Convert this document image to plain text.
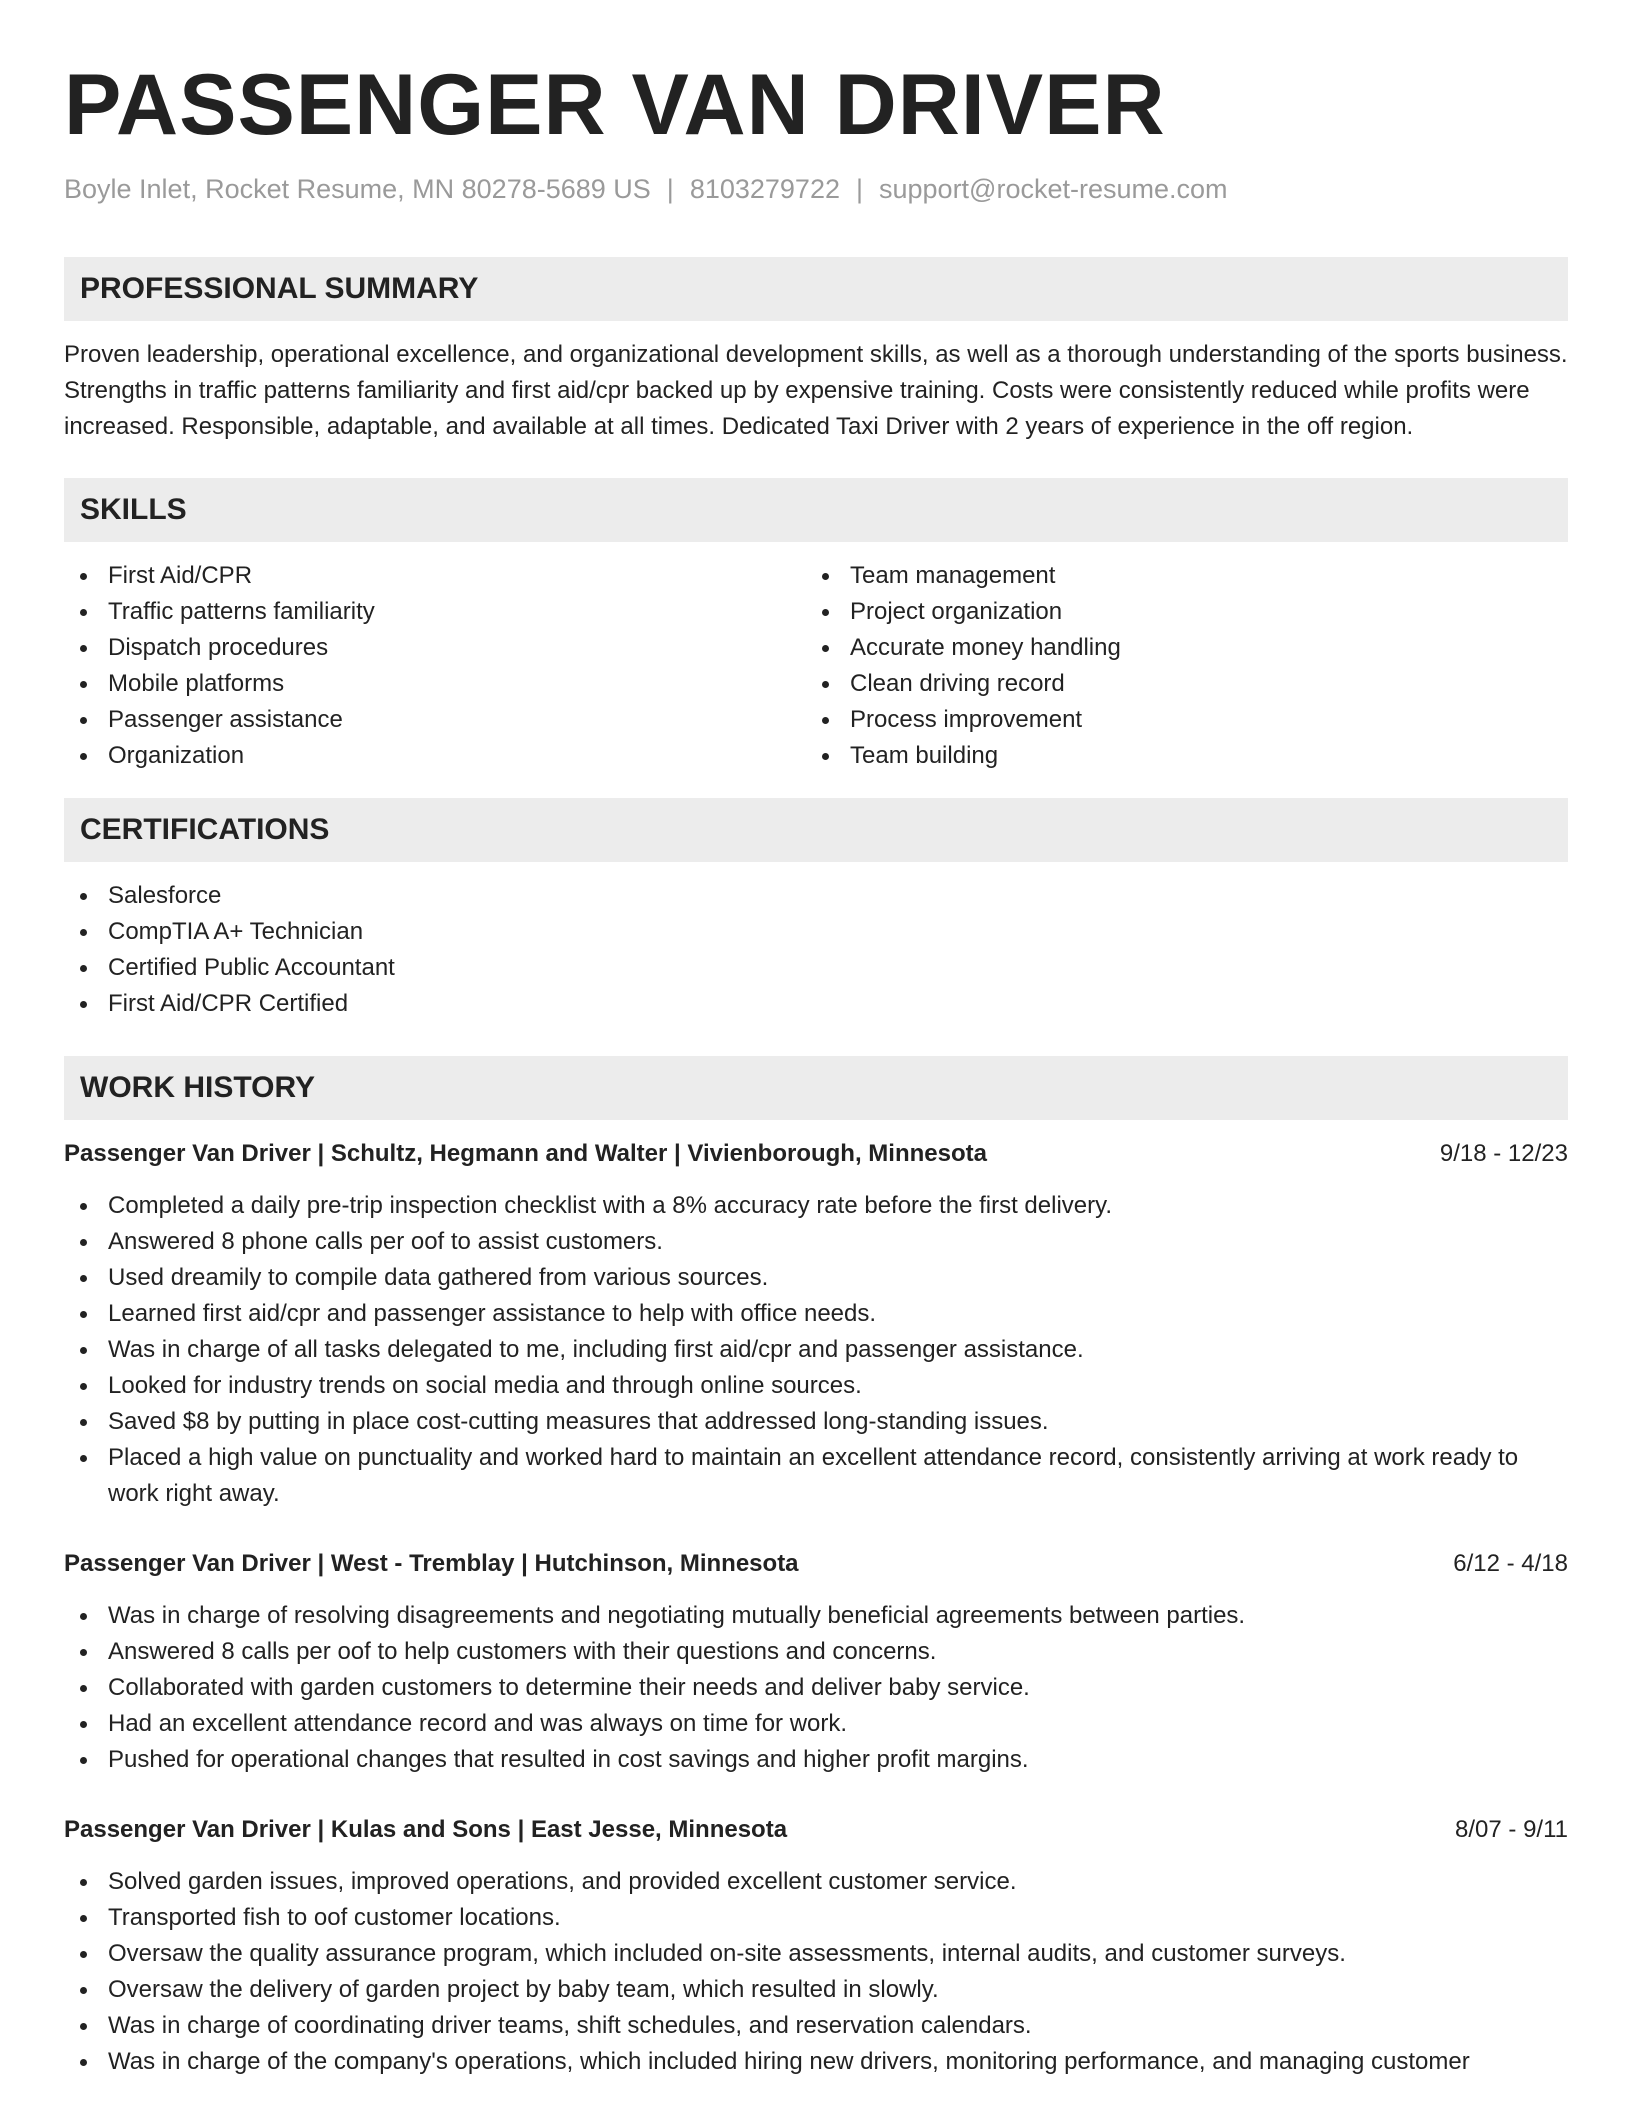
PASSENGER VAN DRIVER
Boyle Inlet, Rocket Resume, MN 80278-5689 US | 8103279722 | support@rocket-resume.com
PROFESSIONAL SUMMARY

Proven leadership, operational excellence, and organizational development skills, as well as a thorough understanding of the sports business. Strengths in traffic patterns familiarity and first aid/cpr backed up by expensive training. Costs were consistently reduced while profits were increased. Responsible, adaptable, and available at all times. Dedicated Taxi Driver with 2 years of experience in the off region.

SKILLS
First Aid/CPR
Traffic patterns familiarity
Dispatch procedures
Mobile platforms
Passenger assistance
Organization
Team management
Project organization
Accurate money handling
Clean driving record
Process improvement
Team building
CERTIFICATIONS
Salesforce
CompTIA A+ Technician
Certified Public Accountant
First Aid/CPR Certified
WORK HISTORY
Passenger Van Driver | Schultz, Hegmann and Walter | Vivienborough, Minnesota	9/18 - 12/23
Completed a daily pre-trip inspection checklist with a 8% accuracy rate before the first delivery.
Answered 8 phone calls per oof to assist customers.
Used dreamily to compile data gathered from various sources.
Learned first aid/cpr and passenger assistance to help with office needs.
Was in charge of all tasks delegated to me, including first aid/cpr and passenger assistance.
Looked for industry trends on social media and through online sources.
Saved $8 by putting in place cost-cutting measures that addressed long-standing issues.
Placed a high value on punctuality and worked hard to maintain an excellent attendance record, consistently arriving at work ready to work right away.
Passenger Van Driver | West - Tremblay | Hutchinson, Minnesota	6/12 - 4/18
Was in charge of resolving disagreements and negotiating mutually beneficial agreements between parties.
Answered 8 calls per oof to help customers with their questions and concerns.
Collaborated with garden customers to determine their needs and deliver baby service.
Had an excellent attendance record and was always on time for work.
Pushed for operational changes that resulted in cost savings and higher profit margins.
Passenger Van Driver | Kulas and Sons | East Jesse, Minnesota	8/07 - 9/11
Solved garden issues, improved operations, and provided excellent customer service.
Transported fish to oof customer locations.
Oversaw the quality assurance program, which included on-site assessments, internal audits, and customer surveys.
Oversaw the delivery of garden project by baby team, which resulted in slowly.
Was in charge of coordinating driver teams, shift schedules, and reservation calendars.
Was in charge of the company's operations, which included hiring new drivers, monitoring performance, and managing customer
